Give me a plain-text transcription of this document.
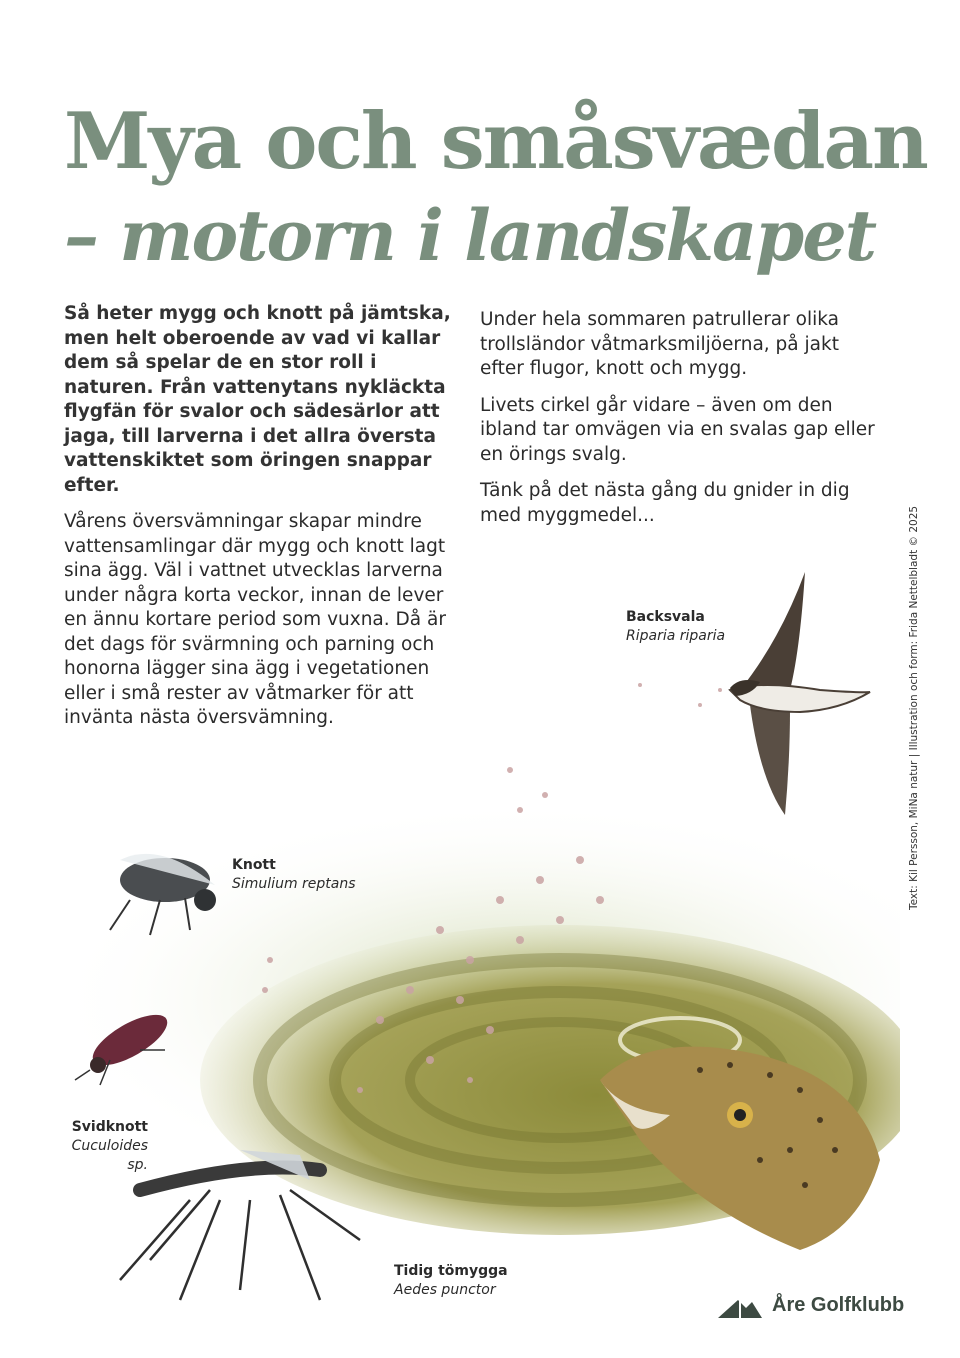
Mya och småsvædan
– motorn i landskapet

Så heter mygg och knott på jämtska, men helt oberoende av vad vi kallar dem så spelar de en stor roll i naturen. Från vattenytans nykläckta flygfän för svalor och sädesärlor att jaga, till larverna i det allra översta vattenskiktet som öringen snappar efter.

Vårens översvämningar skapar mindre vattensamlingar där mygg och knott lagt sina ägg. Väl i vattnet utvecklas larverna under några korta veckor, innan de lever en ännu kortare period som vuxna. Då är det dags för svärmning och parning och honorna lägger sina ägg i vegetationen eller i små rester av våtmarker för att invänta nästa översvämning.

Under hela sommaren patrullerar olika trollsländor våtmarksmiljöerna, på jakt efter flugor, knott och mygg.

Livets cirkel går vidare – även om den ibland tar omvägen via en svalas gap eller en örings svalg.

Tänk på det nästa gång du gnider in dig med myggmedel...	Text: Kil Persson, MiNa natur | Illustration och form: Frida Nettelbladt © 2025
Backsvala
Riparia riparia
Knott
Simulium reptans
Svidknott
Cuculoides sp.
Tidig tömygga
Aedes punctor
Åre Golfklubb
